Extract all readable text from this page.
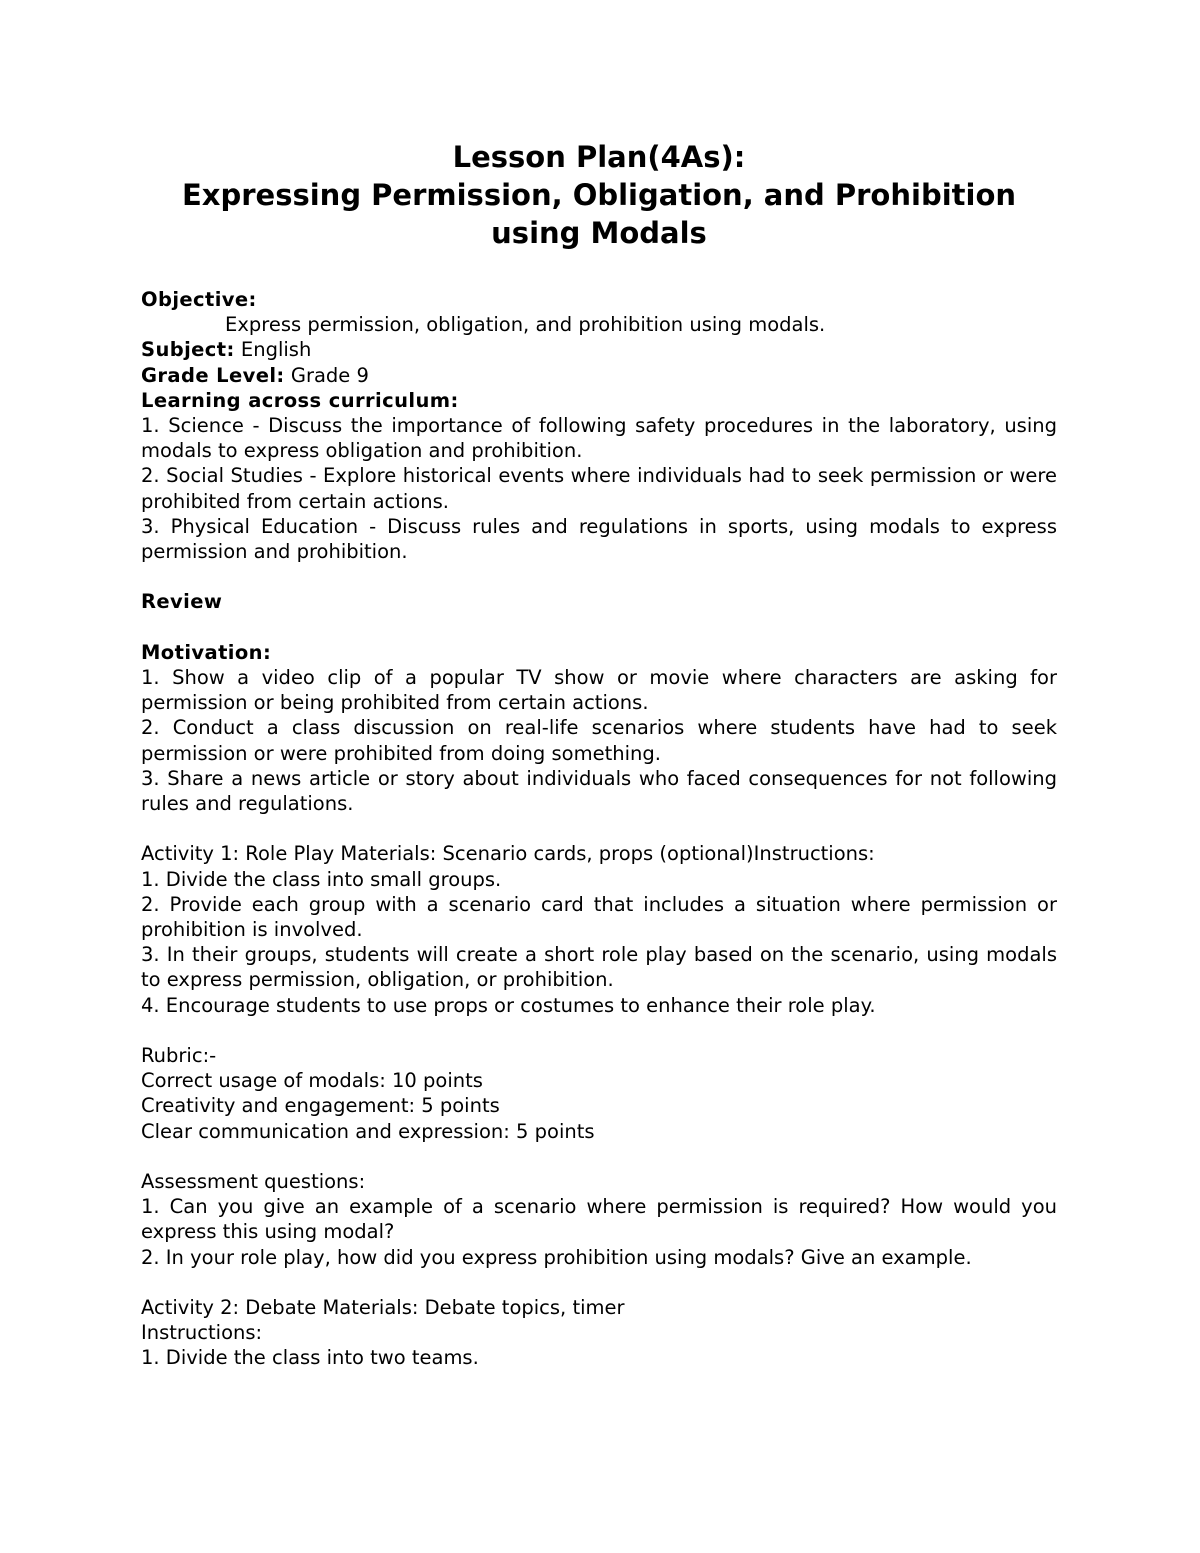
Lesson Plan(4As):
Expressing Permission, Obligation, and Prohibition
using Modals
Objective:
Express permission, obligation, and prohibition using modals.
Subject: English
Grade Level: Grade 9
Learning across curriculum:
1. Science - Discuss the importance of following safety procedures in the laboratory, using modals to express obligation and prohibition.
2. Social Studies - Explore historical events where individuals had to seek permission or were prohibited from certain actions.
3. Physical Education - Discuss rules and regulations in sports, using modals to express permission and prohibition.
Review
Motivation:
1. Show a video clip of a popular TV show or movie where characters are asking for permission or being prohibited from certain actions.
2. Conduct a class discussion on real-life scenarios where students have had to seek permission or were prohibited from doing something.
3. Share a news article or story about individuals who faced consequences for not following rules and regulations.
Activity 1: Role Play Materials: Scenario cards, props (optional)Instructions:
1. Divide the class into small groups.
2. Provide each group with a scenario card that includes a situation where permission or prohibition is involved.
3. In their groups, students will create a short role play based on the scenario, using modals to express permission, obligation, or prohibition.
4. Encourage students to use props or costumes to enhance their role play.
Rubric:-
Correct usage of modals: 10 points
Creativity and engagement: 5 points
Clear communication and expression: 5 points
Assessment questions:
1. Can you give an example of a scenario where permission is required? How would you express this using modal?
2. In your role play, how did you express prohibition using modals? Give an example.
Activity 2: Debate Materials: Debate topics, timer
Instructions:
1. Divide the class into two teams.
